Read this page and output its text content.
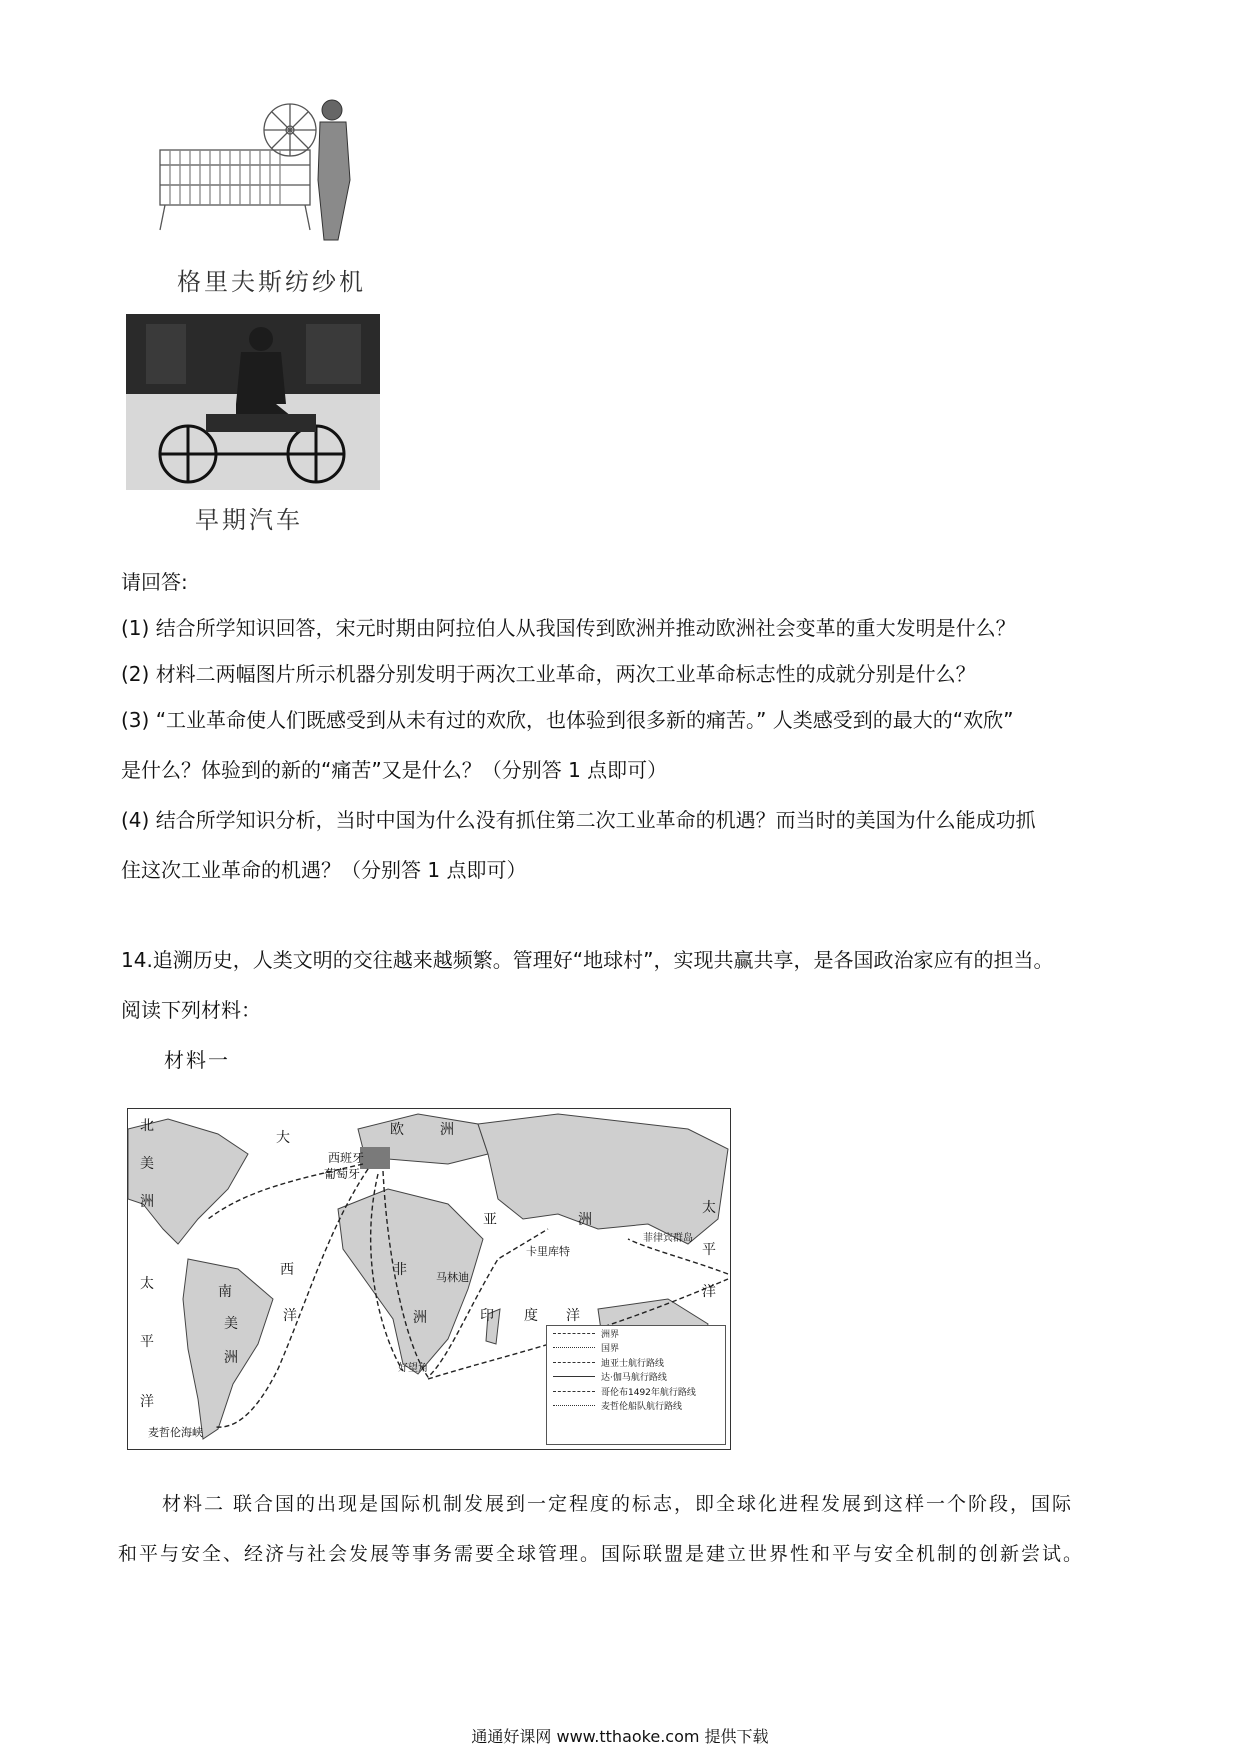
格里夫斯纺纱机
早期汽车
请回答:
(1) 结合所学知识回答，宋元时期由阿拉伯人从我国传到欧洲并推动欧洲社会变革的重大发明是什么？
(2) 材料二两幅图片所示机器分别发明于两次工业革命，两次工业革命标志性的成就分别是什么？
(3) “工业革命使人们既感受到从未有过的欢欣，也体验到很多新的痛苦。” 人类感受到的最大的“欢欣”
是什么？体验到的新的“痛苦”又是什么？（分别答 1 点即可）
(4) 结合所学知识分析，当时中国为什么没有抓住第二次工业革命的机遇？而当时的美国为什么能成功抓
住这次工业革命的机遇？（分别答 1 点即可）
14.追溯历史，人类文明的交往越来越频繁。管理好“地球村”，实现共赢共享，是各国政治家应有的担当。
阅读下列材料：
材料一
北
美
洲
大
西
洋
欧	洲
亚	洲
非
洲
南
美
洲
太
平
洋
太
平
洋
印 度 洋
西班牙
葡萄牙
卡里库特
马林迪
菲律宾群岛
好望角
麦哲伦海峡
洲界
国界
迪亚士航行路线
达·伽马航行路线
哥伦布1492年航行路线
麦哲伦船队航行路线
材料二 联合国的出现是国际机制发展到一定程度的标志，即全球化进程发展到这样一个阶段，国际
和平与安全、经济与社会发展等事务需要全球管理。国际联盟是建立世界性和平与安全机制的创新尝试。
通通好课网 www.tthaoke.com 提供下载
